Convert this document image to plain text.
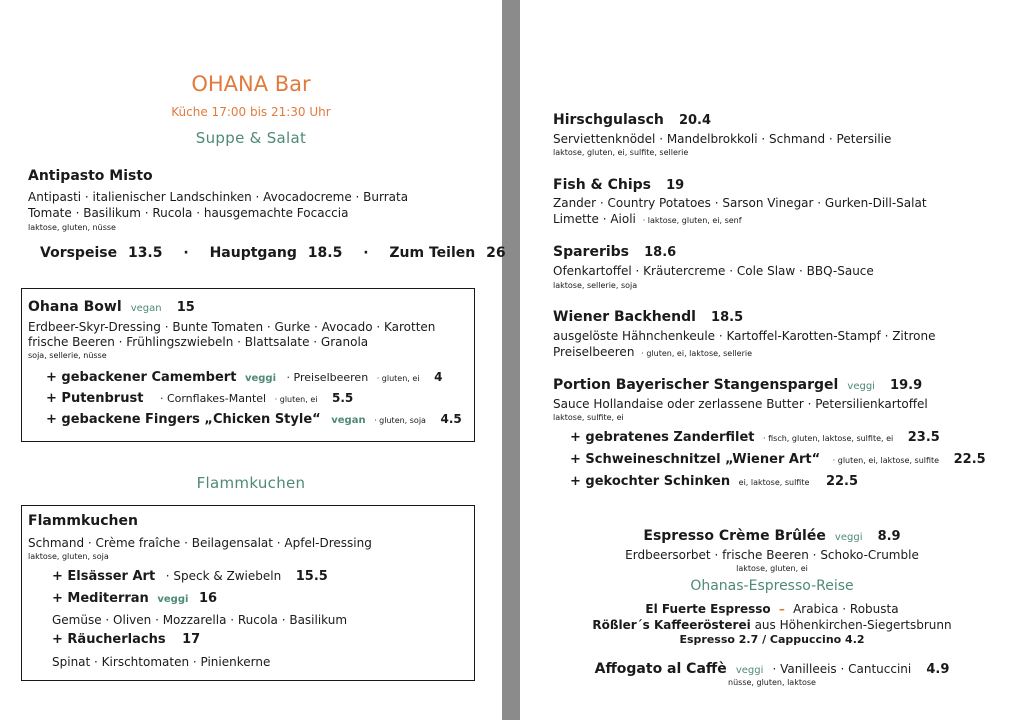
OHANA Bar
Küche 17:00 bis 21:30 Uhr
Suppe & Salat
Antipasto Misto
Antipasti · italienischer Landschinken · Avocadocreme · Burrata
Tomate · Basilikum · Rucola · hausgemachte Focaccia
laktose, gluten, nüsse
Vorspeise 13.5 · Hauptgang 18.5 · Zum Teilen 26
Ohana Bowl vegan 15
Erdbeer-Skyr-Dressing · Bunte Tomaten · Gurke · Avocado · Karotten
frische Beeren · Frühlingszwiebeln · Blattsalate · Granola
soja, sellerie, nüsse
+ gebackener Camembert veggi · Preiselbeeren · gluten, ei 4
+ Putenbrust · Cornflakes-Mantel · gluten, ei 5.5
+ gebackene Fingers „Chicken Style“ vegan · gluten, soja 4.5
Flammkuchen
Flammkuchen
Schmand · Crème fraîche · Beilagensalat · Apfel-Dressing
laktose, gluten, soja
+ Elsässer Art · Speck & Zwiebeln 15.5
+ Mediterran veggi 16
Gemüse · Oliven · Mozzarella · Rucola · Basilikum
+ Räucherlachs 17
Spinat · Kirschtomaten · Pinienkerne
Hirschgulasch 20.4
Serviettenknödel · Mandelbrokkoli · Schmand · Petersilie
laktose, gluten, ei, sulfite, sellerie
Fish & Chips 19
Zander · Country Potatoes · Sarson Vinegar · Gurken-Dill-Salat
Limette · Aioli · laktose, gluten, ei, senf
Spareribs 18.6
Ofenkartoffel · Kräutercreme · Cole Slaw · BBQ-Sauce
laktose, sellerie, soja
Wiener Backhendl 18.5
ausgelöste Hähnchenkeule · Kartoffel-Karotten-Stampf · Zitrone
Preiselbeeren · gluten, ei, laktose, sellerie
Portion Bayerischer Stangenspargel veggi 19.9
Sauce Hollandaise oder zerlassene Butter · Petersilienkartoffel
laktose, sulfite, ei
+ gebratenes Zanderfilet · fisch, gluten, laktose, sulfite, ei 23.5
+ Schweineschnitzel „Wiener Art“ · gluten, ei, laktose, sulfite 22.5
+ gekochter Schinken ei, laktose, sulfite 22.5
Espresso Crème Brûlée veggi 8.9
Erdbeersorbet · frische Beeren · Schoko-Crumble
laktose, gluten, ei
Ohanas-Espresso-Reise
El Fuerte Espresso – Arabica · Robusta
Rößler´s Kaffeerösterei aus Höhenkirchen-Siegertsbrunn
Espresso 2.7 / Cappuccino 4.2
Affogato al Caffè veggi · Vanilleeis · Cantuccini 4.9
nüsse, gluten, laktose
